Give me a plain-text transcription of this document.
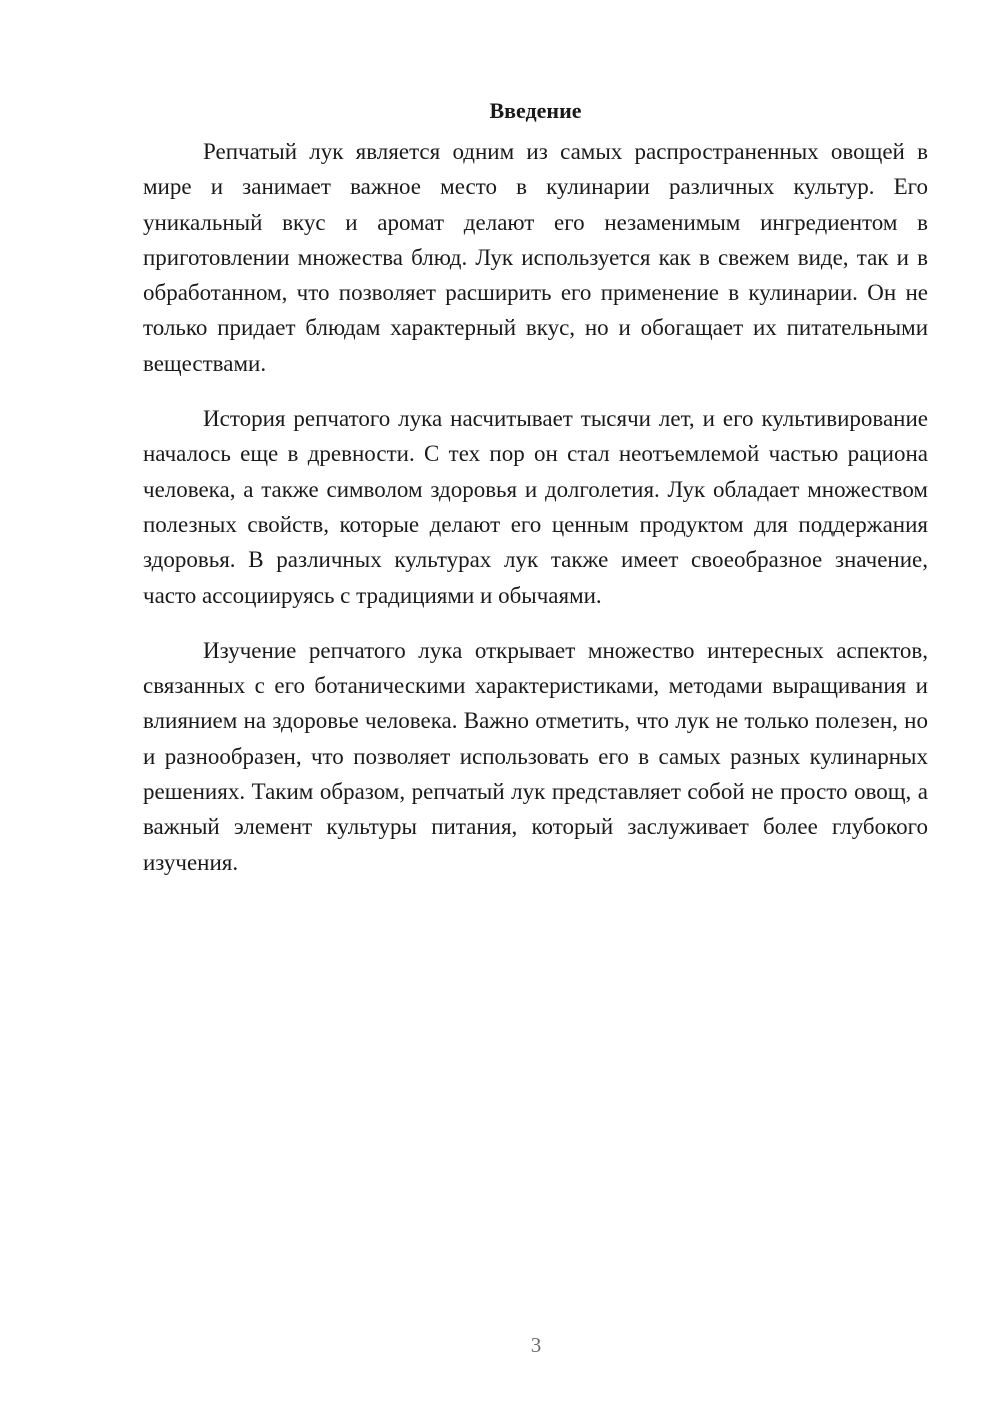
Введение

Репчатый лук является одним из самых распространенных овощей в мире и занимает важное место в кулинарии различных культур. Его уникальный вкус и аромат делают его незаменимым ингредиентом в приготовлении множества блюд. Лук используется как в свежем виде, так и в обработанном, что позволяет расширить его применение в кулинарии. Он не только придает блюдам характерный вкус, но и обогащает их питательными веществами.

История репчатого лука насчитывает тысячи лет, и его культивирование началось еще в древности. С тех пор он стал неотъемлемой частью рациона человека, а также символом здоровья и долголетия. Лук обладает множеством полезных свойств, которые делают его ценным продуктом для поддержания здоровья. В различных культурах лук также имеет своеобразное значение, часто ассоциируясь с традициями и обычаями.

Изучение репчатого лука открывает множество интересных аспектов, связанных с его ботаническими характеристиками, методами выращивания и влиянием на здоровье человека. Важно отметить, что лук не только полезен, но и разнообразен, что позволяет использовать его в самых разных кулинарных решениях. Таким образом, репчатый лук представляет собой не просто овощ, а важный элемент культуры питания, который заслуживает более глубокого изучения.

3
